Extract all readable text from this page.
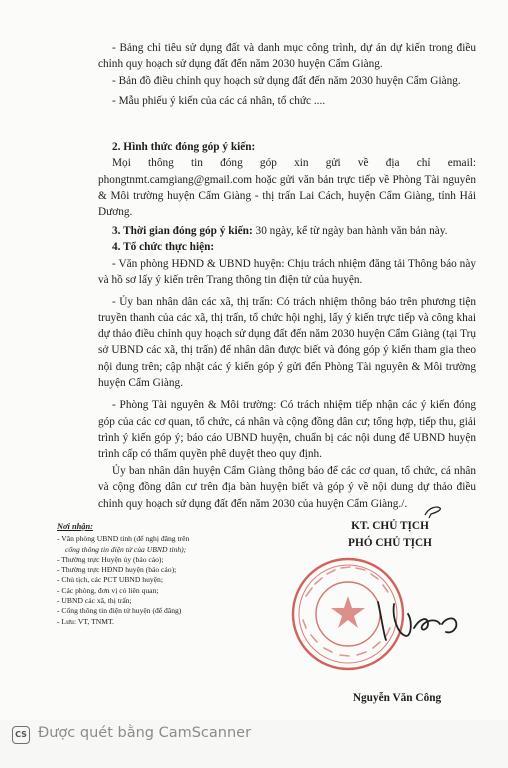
- Bảng chỉ tiêu sử dụng đất và danh mục công trình, dự án dự kiến trong điều chỉnh quy hoạch sử dụng đất đến năm 2030 huyện Cẩm Giàng.

- Bản đồ điều chỉnh quy hoạch sử dụng đất đến năm 2030 huyện Cẩm Giàng.

- Mẫu phiếu ý kiến của các cá nhân, tổ chức ....

2. Hình thức đóng góp ý kiến:

Mọi thông tin đóng góp xin gửi về địa chỉ email: phongtnmt.camgiang@gmail.com hoặc gửi văn bản trực tiếp về Phòng Tài nguyên & Môi trường huyện Cẩm Giàng - thị trấn Lai Cách, huyện Cẩm Giàng, tỉnh Hải Dương.

3. Thời gian đóng góp ý kiến: 30 ngày, kể từ ngày ban hành văn bản này.

4. Tổ chức thực hiện:

- Văn phòng HĐND & UBND huyện: Chịu trách nhiệm đăng tải Thông báo này và hồ sơ lấy ý kiến trên Trang thông tin điện tử của huyện.

- Ủy ban nhân dân các xã, thị trấn: Có trách nhiệm thông báo trên phương tiện truyền thanh của các xã, thị trấn, tổ chức hội nghị, lấy ý kiến trực tiếp và công khai dự thảo điều chỉnh quy hoạch sử dụng đất đến năm 2030 huyện Cẩm Giàng (tại Trụ sở UBND các xã, thị trấn) để nhân dân được biết và đóng góp ý kiến tham gia theo nội dung trên; cập nhật các ý kiến góp ý gửi đến Phòng Tài nguyên & Môi trường huyện Cẩm Giàng.

- Phòng Tài nguyên & Môi trường: Có trách nhiệm tiếp nhận các ý kiến đóng góp của các cơ quan, tổ chức, cá nhân và cộng đồng dân cư; tổng hợp, tiếp thu, giải trình ý kiến góp ý; báo cáo UBND huyện, chuẩn bị các nội dung để UBND huyện trình cấp có thẩm quyền phê duyệt theo quy định.

Ủy ban nhân dân huyện Cẩm Giàng thông báo để các cơ quan, tổ chức, cá nhân và cộng đồng dân cư trên địa bàn huyện biết và góp ý về nội dung dự thảo điều chỉnh quy hoạch sử dụng đất đến năm 2030 của huyện Cẩm Giàng./.

Nơi nhận:
- Văn phòng UBND tỉnh (để nghị đăng trên
cổng thông tin điện tử của UBND tỉnh);
- Thường trực Huyện ủy (báo cáo);
- Thường trực HĐND huyện (báo cáo);
- Chủ tịch, các PCT UBND huyện;
- Các phòng, đơn vị có liên quan;
- UBND các xã, thị trấn;
- Cổng thông tin điện tử huyện (để đăng)
- Lưu: VT, TNMT.
KT. CHỦ TỊCH
PHÓ CHỦ TỊCH
Nguyễn Văn Công
CS Được quét bằng CamScanner
